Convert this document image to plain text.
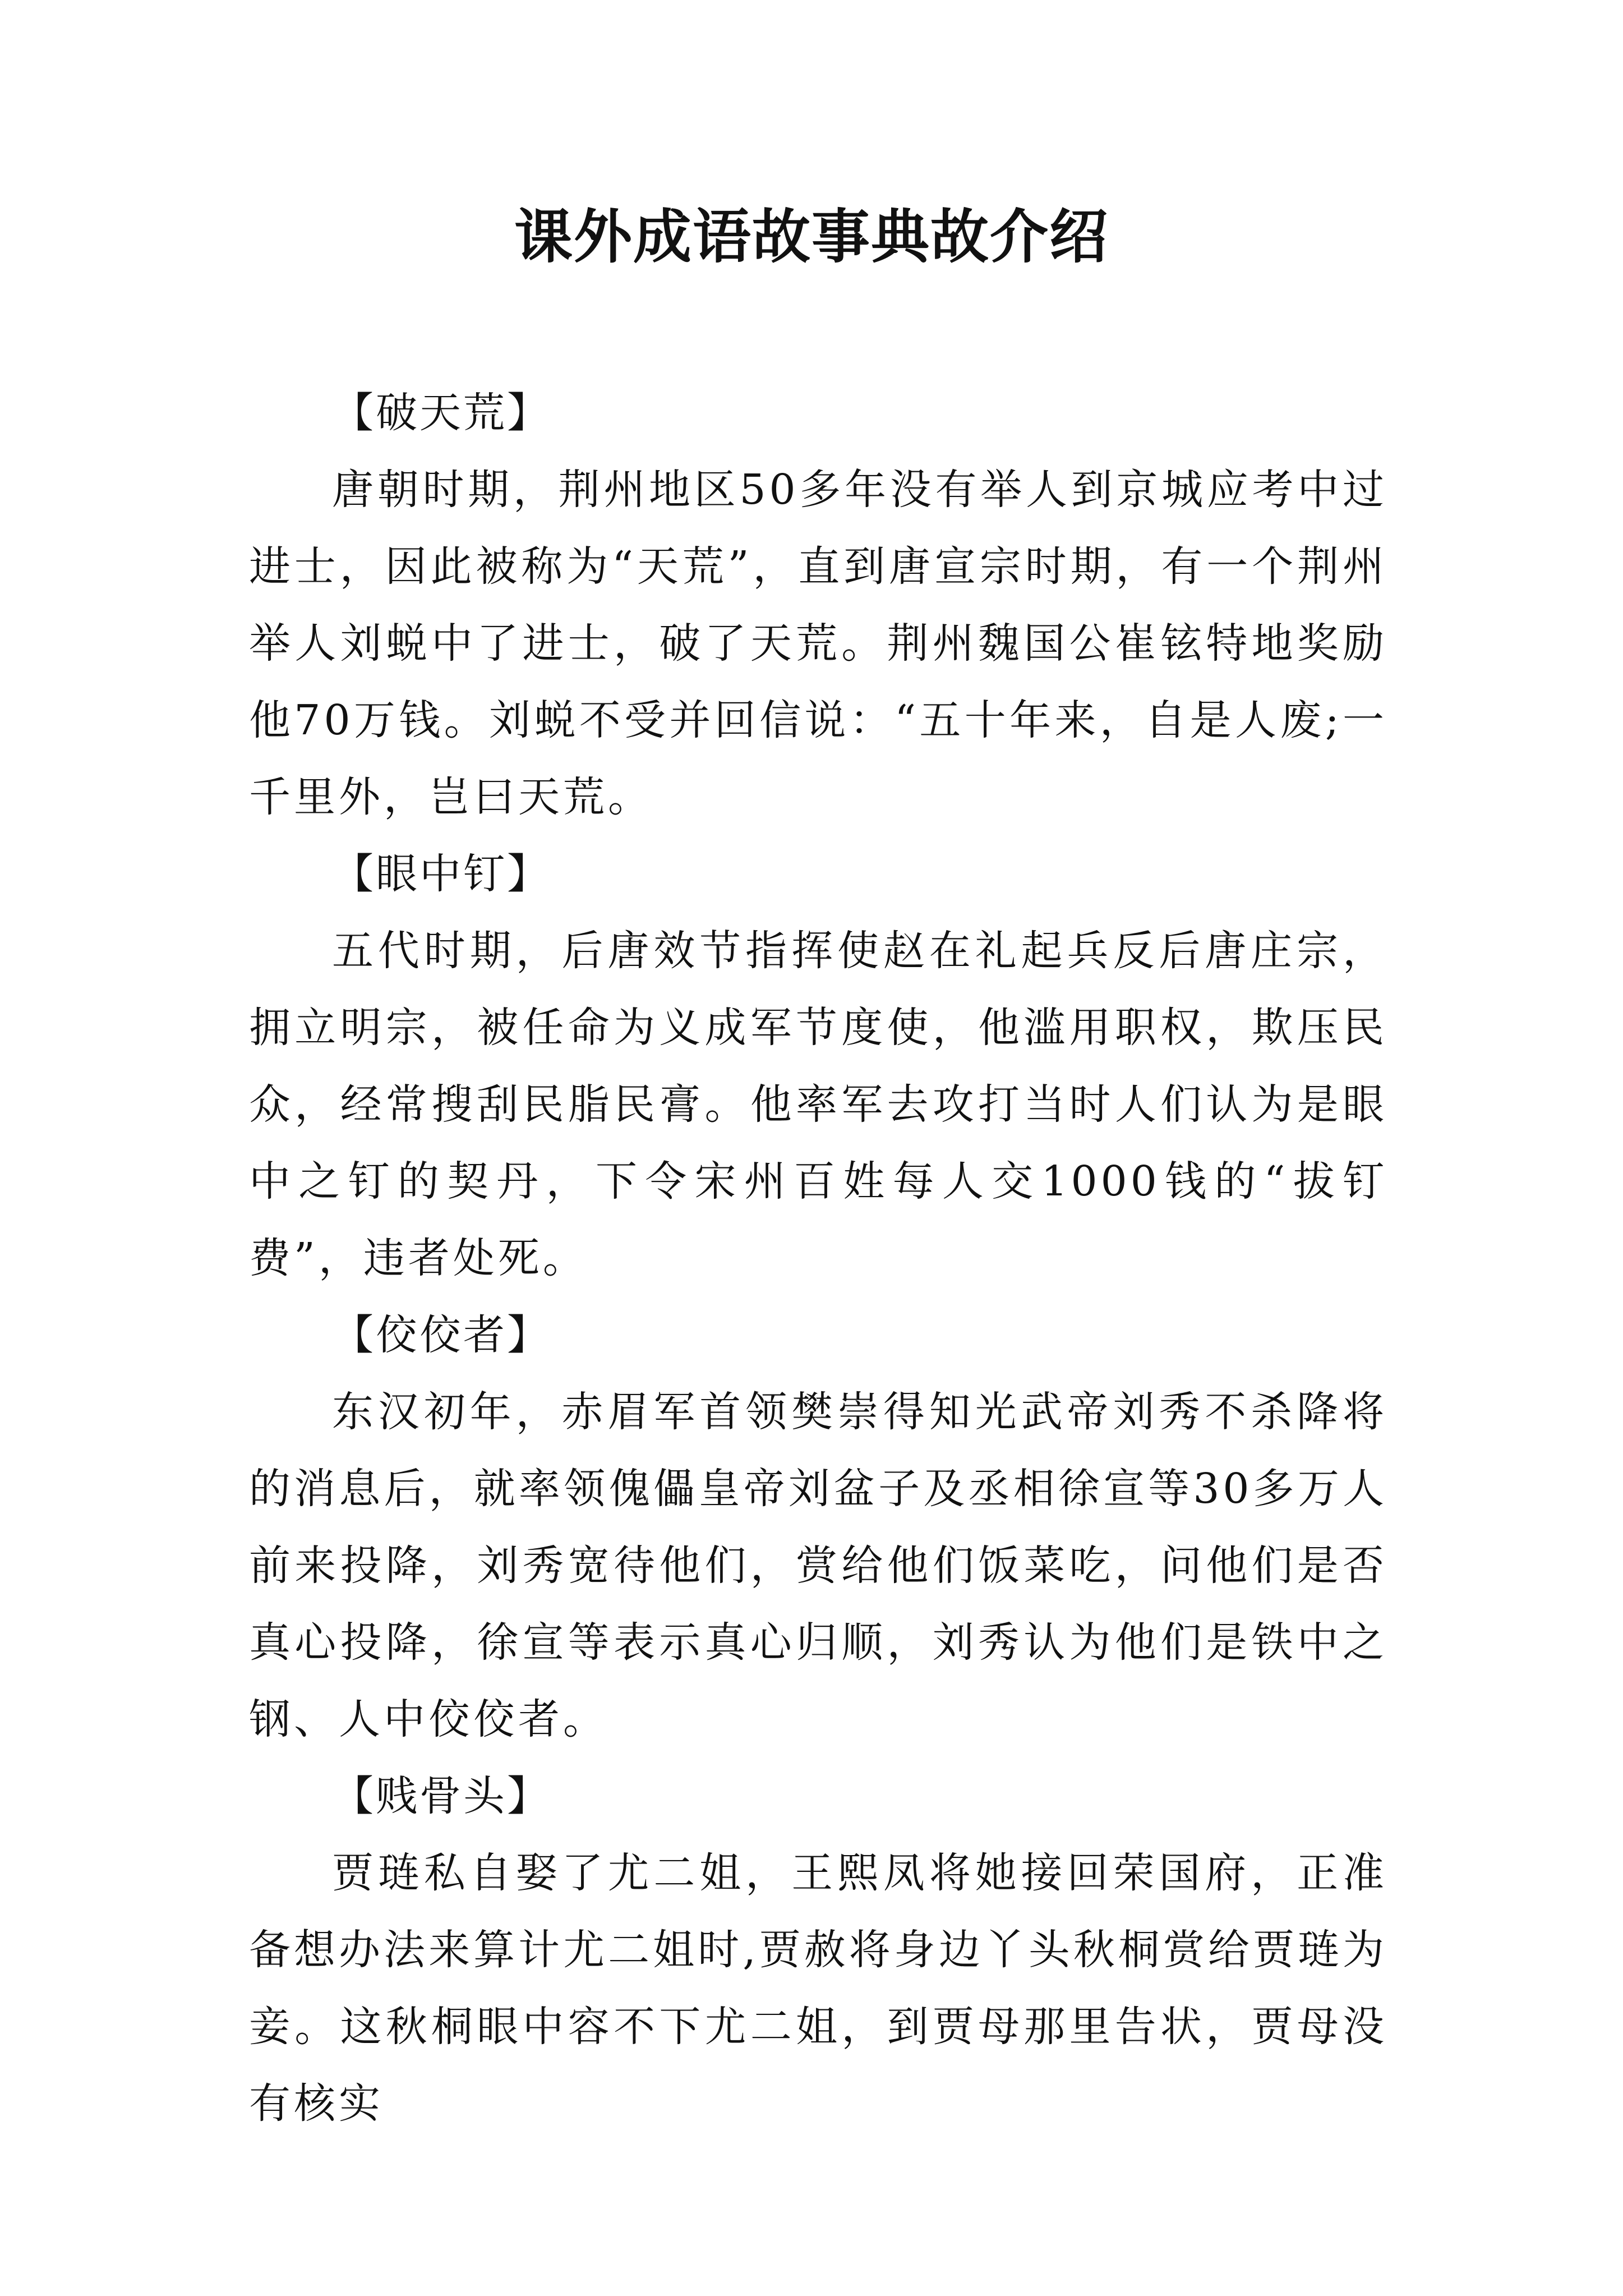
课外成语故事典故介绍

【破天荒】

唐朝时期，荆州地区50多年没有举人到京城应考中过进士，因此被称为“天荒”，直到唐宣宗时期，有一个荆州举人刘蜕中了进士，破了天荒。荆州魏国公崔铉特地奖励他70万钱。刘蜕不受并回信说：“五十年来，自是人废;一千里外，岂曰天荒。

【眼中钉】

五代时期，后唐效节指挥使赵在礼起兵反后唐庄宗，拥立明宗，被任命为义成军节度使，他滥用职权，欺压民众，经常搜刮民脂民膏。他率军去攻打当时人们认为是眼中之钉的契丹，下令宋州百姓每人交1000钱的“拔钉费”，违者处死。

【佼佼者】

东汉初年，赤眉军首领樊崇得知光武帝刘秀不杀降将的消息后，就率领傀儡皇帝刘盆子及丞相徐宣等30多万人前来投降，刘秀宽待他们，赏给他们饭菜吃，问他们是否真心投降，徐宣等表示真心归顺，刘秀认为他们是铁中之钢、人中佼佼者。

【贱骨头】

贾琏私自娶了尤二姐，王熙凤将她接回荣国府，正准备想办法来算计尤二姐时,贾赦将身边丫头秋桐赏给贾琏为妾。这秋桐眼中容不下尤二姐，到贾母那里告状，贾母没有核实
